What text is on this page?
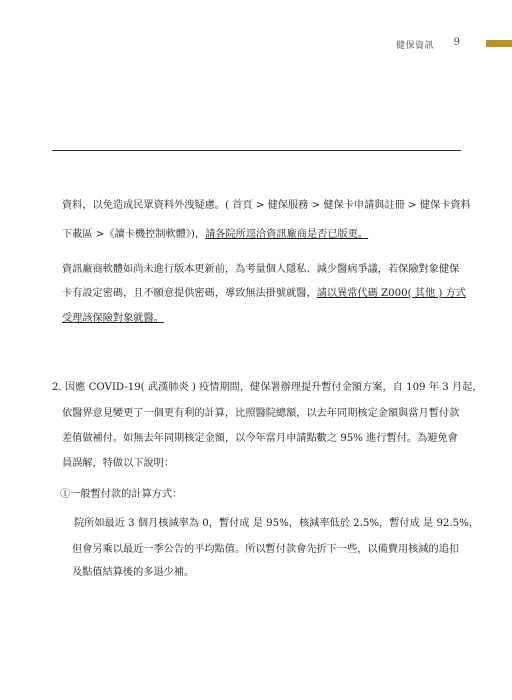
健保資訊 9
資料，以免造成民眾資料外洩疑慮。( 首頁 > 健保服務 > 健保卡申請與註冊 > 健保卡資料
下載區 >《讀卡機控制軟體》)，請各院所逕洽資訊廠商是否已版更。
資訊廠商軟體如尚未進行版本更新前，為考量個人隱私、減少醫病爭議，若保險對象健保
卡有設定密碼，且不願意提供密碼，導致無法掛號就醫，請以異常代碼 Z000( 其他 ) 方式
受理該保險對象就醫。
2. 因應 COVID-19( 武漢肺炎 ) 疫情期間，健保署辦理提升暫付金額方案，自 109 年 3 月起，
依醫界意見變更了一個更有利的計算，比照醫院總額，以去年同期核定金額與當月暫付款
差值做補付。如無去年同期核定金額，以今年當月申請點數之 95% 進行暫付。為避免會
員誤解，特做以下說明：
①一般暫付款的計算方式：
院所如最近 3 個月核減率為 0，暫付成 是 95%，核減率低於 2.5%，暫付成 是 92.5%，
但會另乘以最近一季公告的平均點值。所以暫付款會先折下一些，以備費用核減的追扣
及點值結算後的多退少補。
